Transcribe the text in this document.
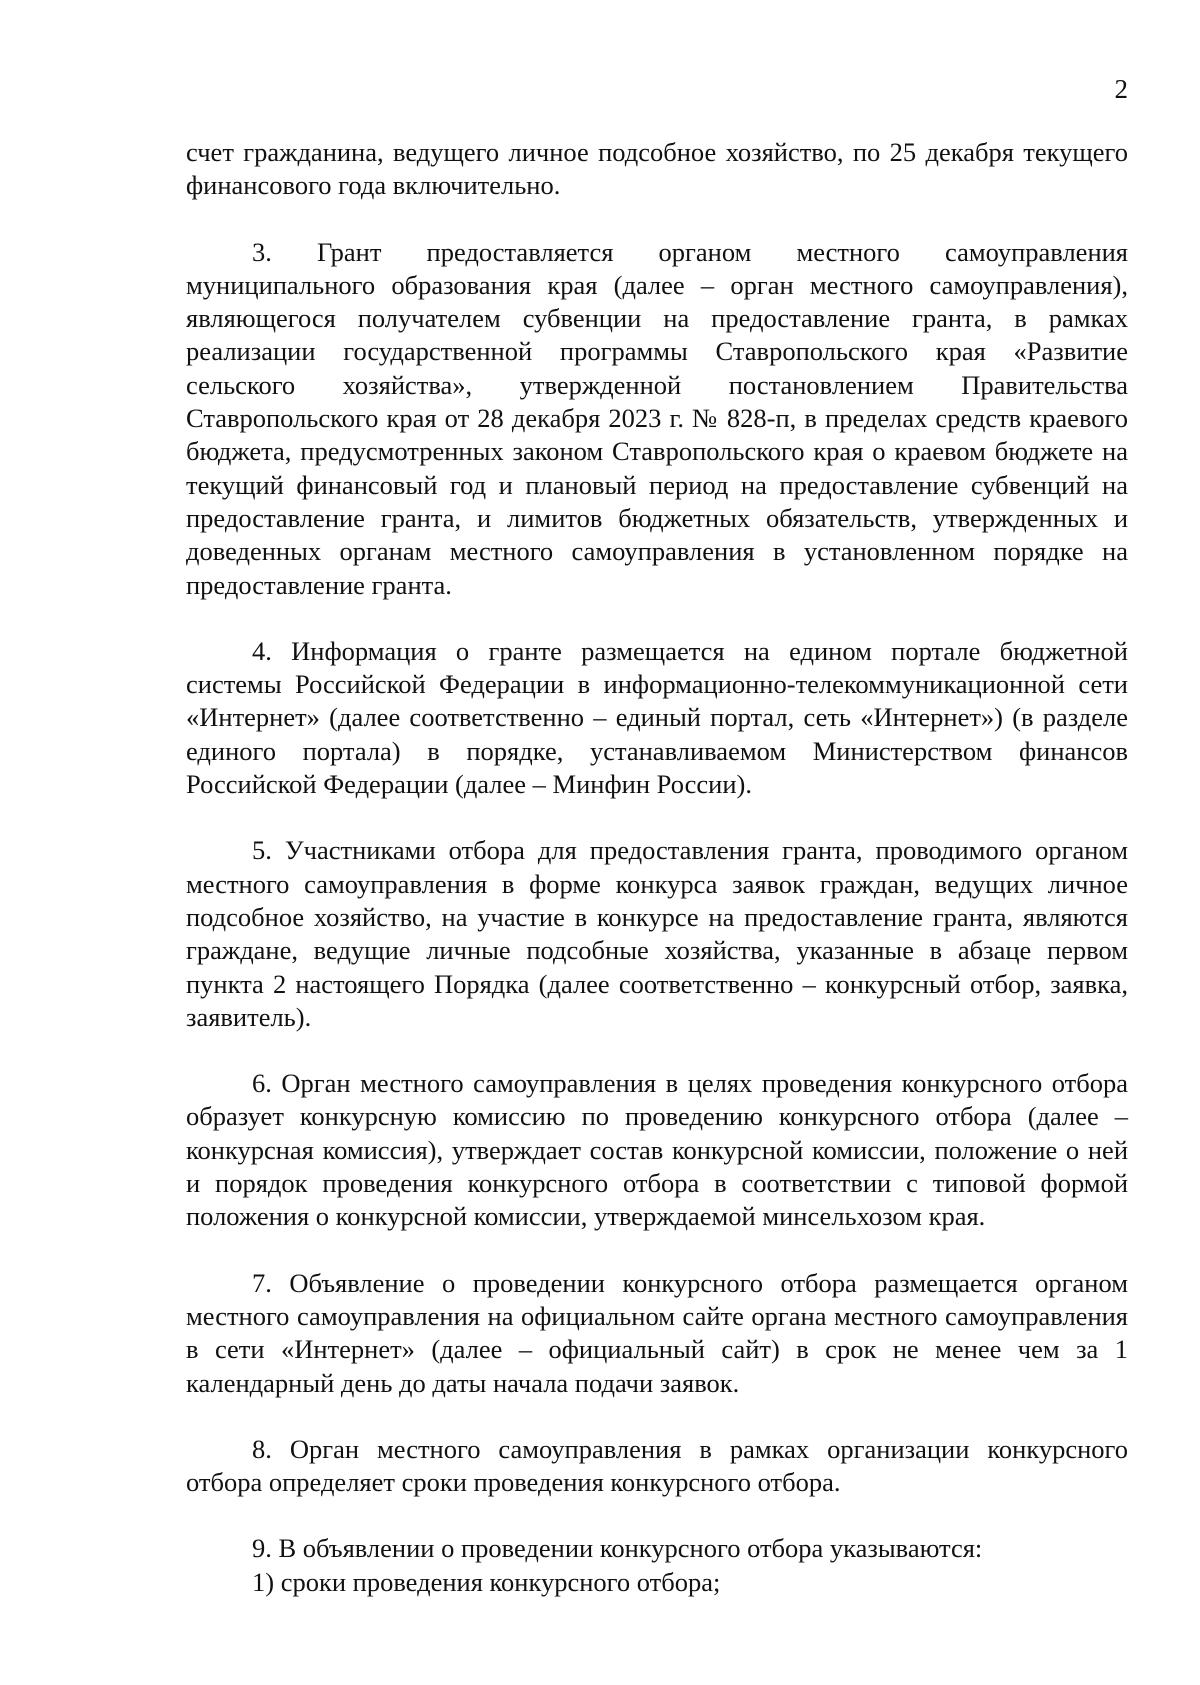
2

счет гражданина, ведущего личное подсобное хозяйство, по 25 декабря текущего финансового года включительно.

3. Грант предоставляется органом местного самоуправления муниципального образования края (далее – орган местного самоуправления), являющегося получателем субвенции на предоставление гранта, в рамках реализации государственной программы Ставропольского края «Развитие сельского хозяйства», утвержденной постановлением Правительства Ставропольского края от 28 декабря 2023 г. № 828-п, в пределах средств краевого бюджета, предусмотренных законом Ставропольского края о краевом бюджете на текущий финансовый год и плановый период на предоставление субвенций на предоставление гранта, и лимитов бюджетных обязательств, утвержденных и доведенных органам местного самоуправления в установленном порядке на предоставление гранта.

4. Информация о гранте размещается на едином портале бюджетной системы Российской Федерации в информационно-телекоммуникационной сети «Интернет» (далее соответственно – единый портал, сеть «Интернет») (в разделе единого портала) в порядке, устанавливаемом Министерством финансов Российской Федерации (далее – Минфин России).

5. Участниками отбора для предоставления гранта, проводимого органом местного самоуправления в форме конкурса заявок граждан, ведущих личное подсобное хозяйство, на участие в конкурсе на предоставление гранта, являются граждане, ведущие личные подсобные хозяйства, указанные в абзаце первом пункта 2 настоящего Порядка (далее соответственно – конкурсный отбор, заявка, заявитель).

6. Орган местного самоуправления в целях проведения конкурсного отбора образует конкурсную комиссию по проведению конкурсного отбора (далее – конкурсная комиссия), утверждает состав конкурсной комиссии, положение о ней и порядок проведения конкурсного отбора в соответствии с типовой формой положения о конкурсной комиссии, утверждаемой минсельхозом края.

7. Объявление о проведении конкурсного отбора размещается органом местного самоуправления на официальном сайте органа местного самоуправления в сети «Интернет» (далее – официальный сайт) в срок не менее чем за 1 календарный день до даты начала подачи заявок.

8. Орган местного самоуправления в рамках организации конкурсного отбора определяет сроки проведения конкурсного отбора.

9. В объявлении о проведении конкурсного отбора указываются:

1) сроки проведения конкурсного отбора;
